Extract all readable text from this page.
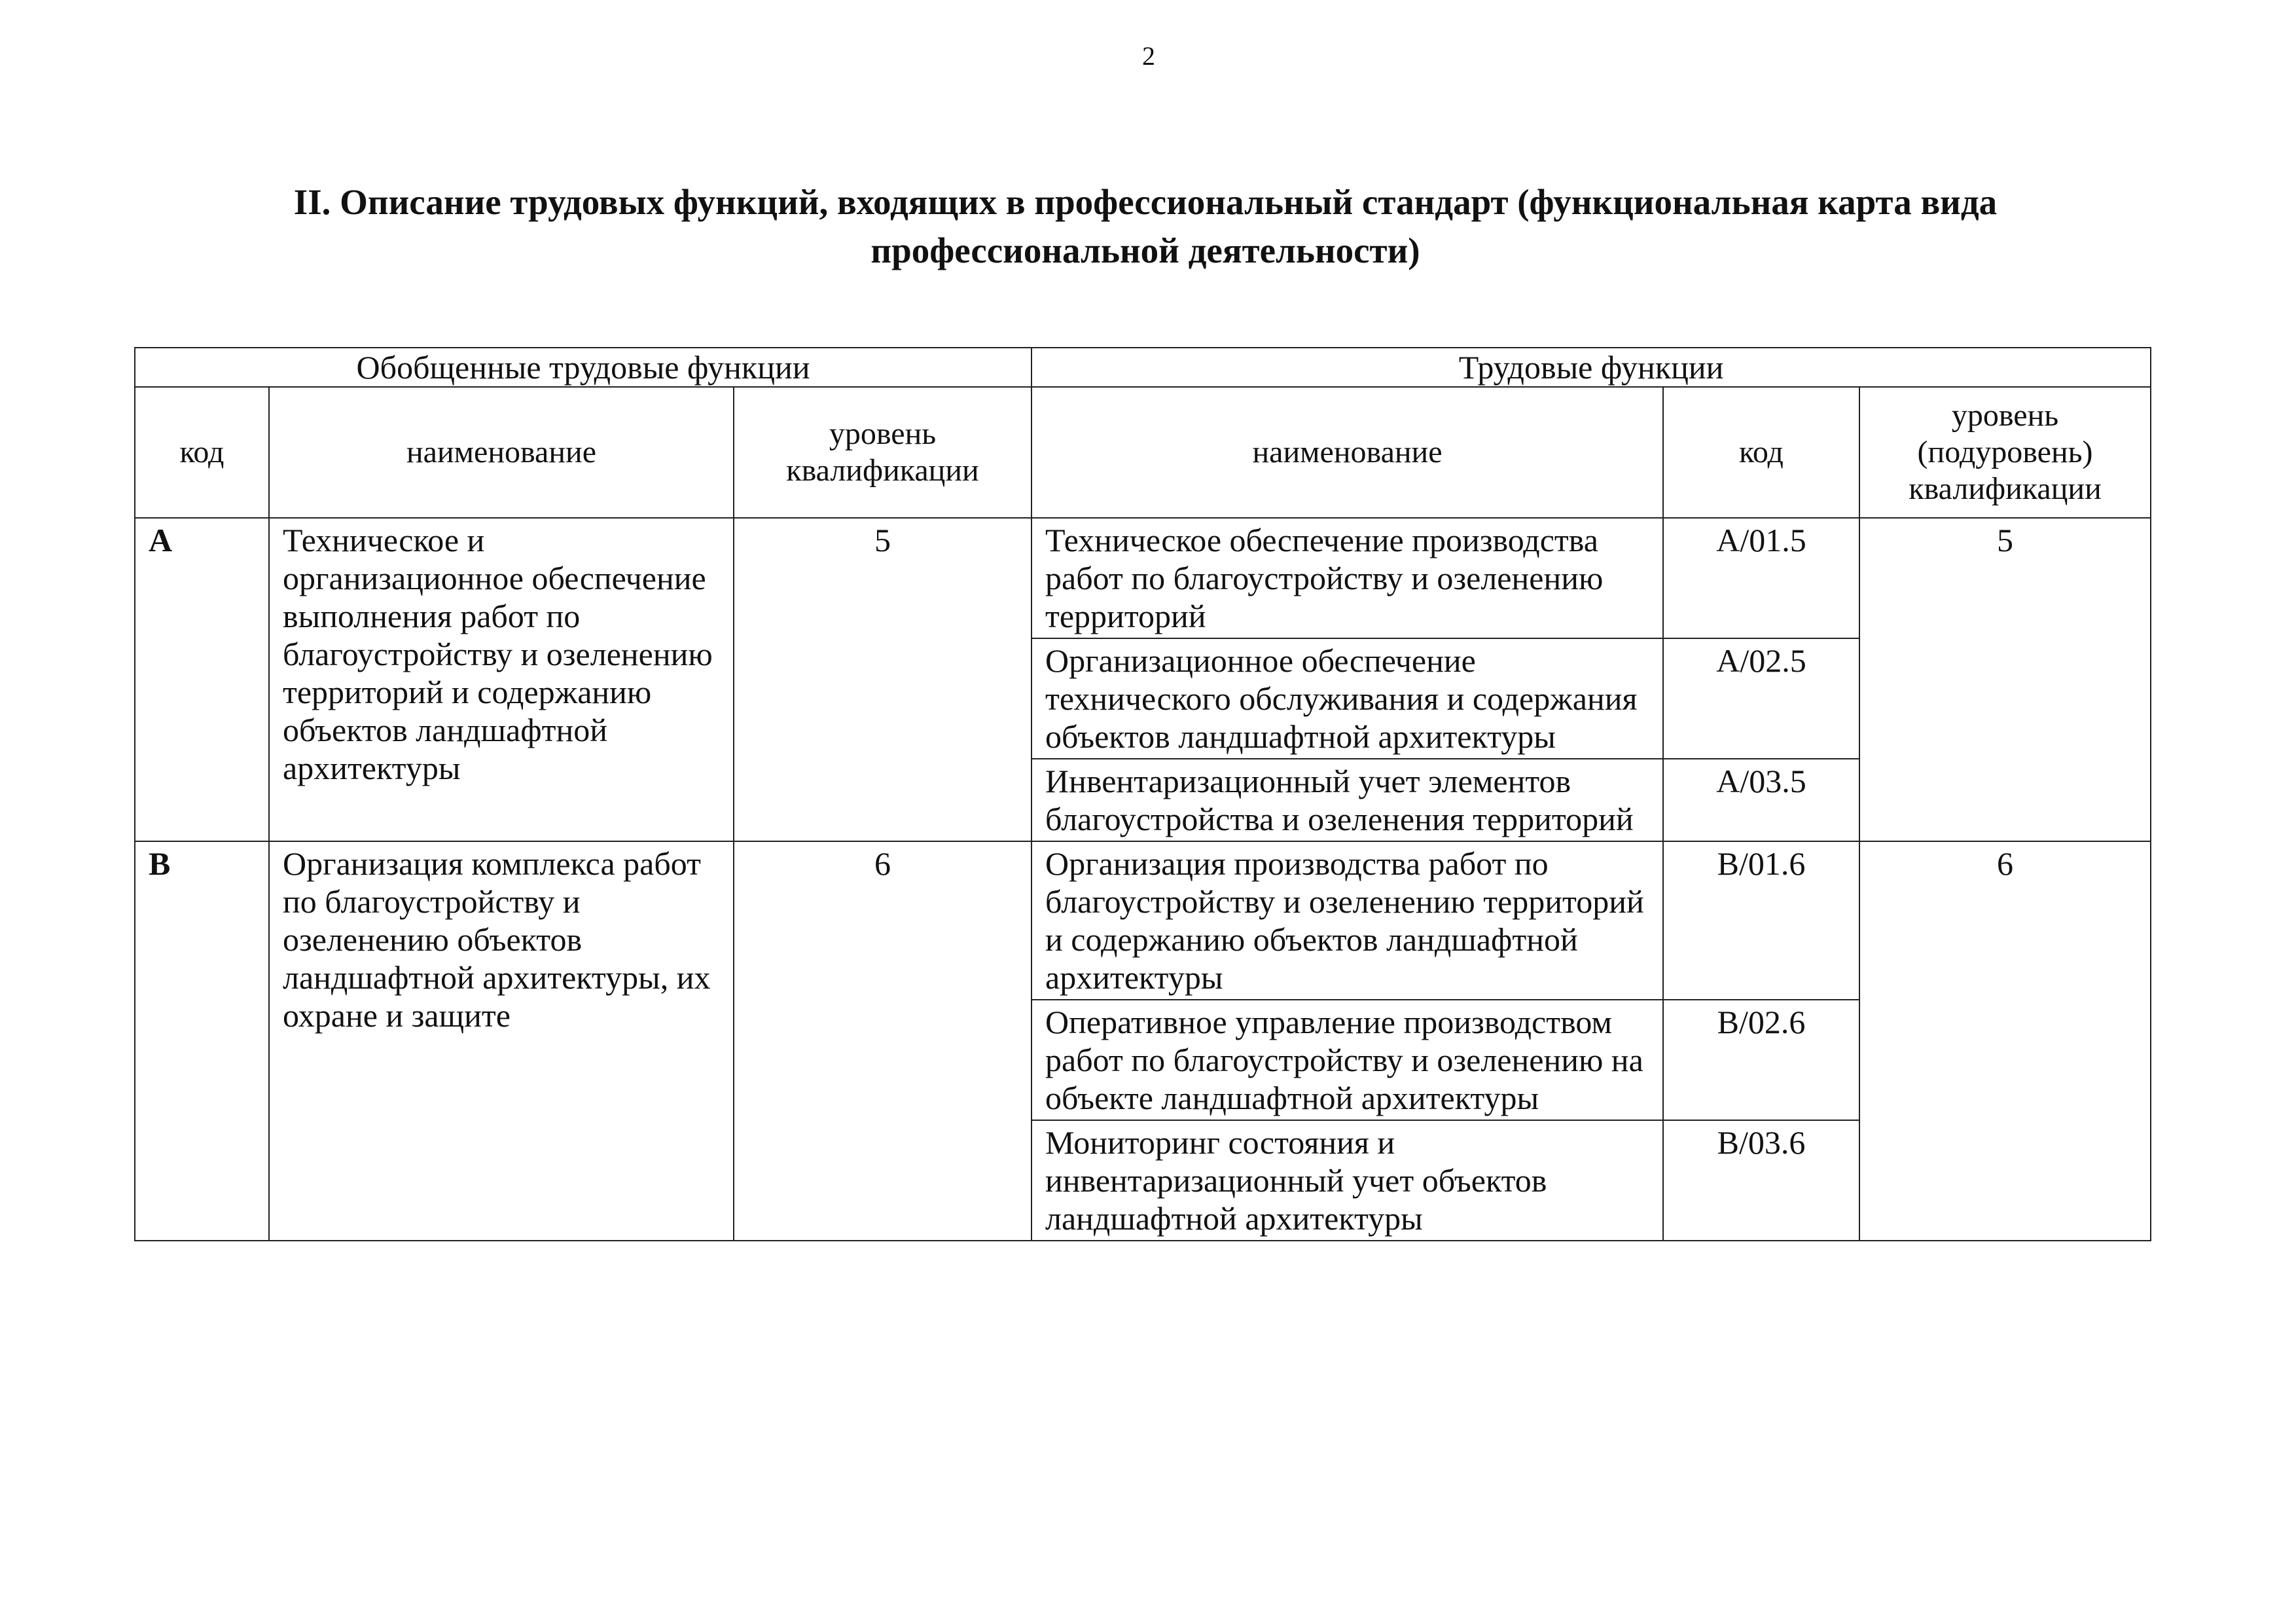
2
II. Описание трудовых функций, входящих в профессиональный стандарт (функциональная карта вида профессиональной деятельности)
Обобщенные трудовые функции			Трудовые функции		
код	наименование	уровень квалификации	наименование	код	уровень (подуровень) квалификации
A	Техническое и организационное обеспечение выполнения работ по благоустройству и озеленению территорий и содержанию объектов ландшафтной архитектуры	5	Техническое обеспечение производства работ по благоустройству и озеленению территорий	A/01.5	5
			Организационное обеспечение технического обслуживания и содержания объектов ландшафтной архитектуры	A/02.5	
			Инвентаризационный учет элементов благоустройства и озеленения территорий	A/03.5	
B	Организация комплекса работ по благоустройству и озеленению объектов ландшафтной архитектуры, их охране и защите	6	Организация производства работ по благоустройству и озеленению территорий и содержанию объектов ландшафтной архитектуры	B/01.6	6
			Оперативное управление производством работ по благоустройству и озеленению на объекте ландшафтной архитектуры	B/02.6	
			Мониторинг состояния и инвентаризационный учет объектов ландшафтной архитектуры	B/03.6	
